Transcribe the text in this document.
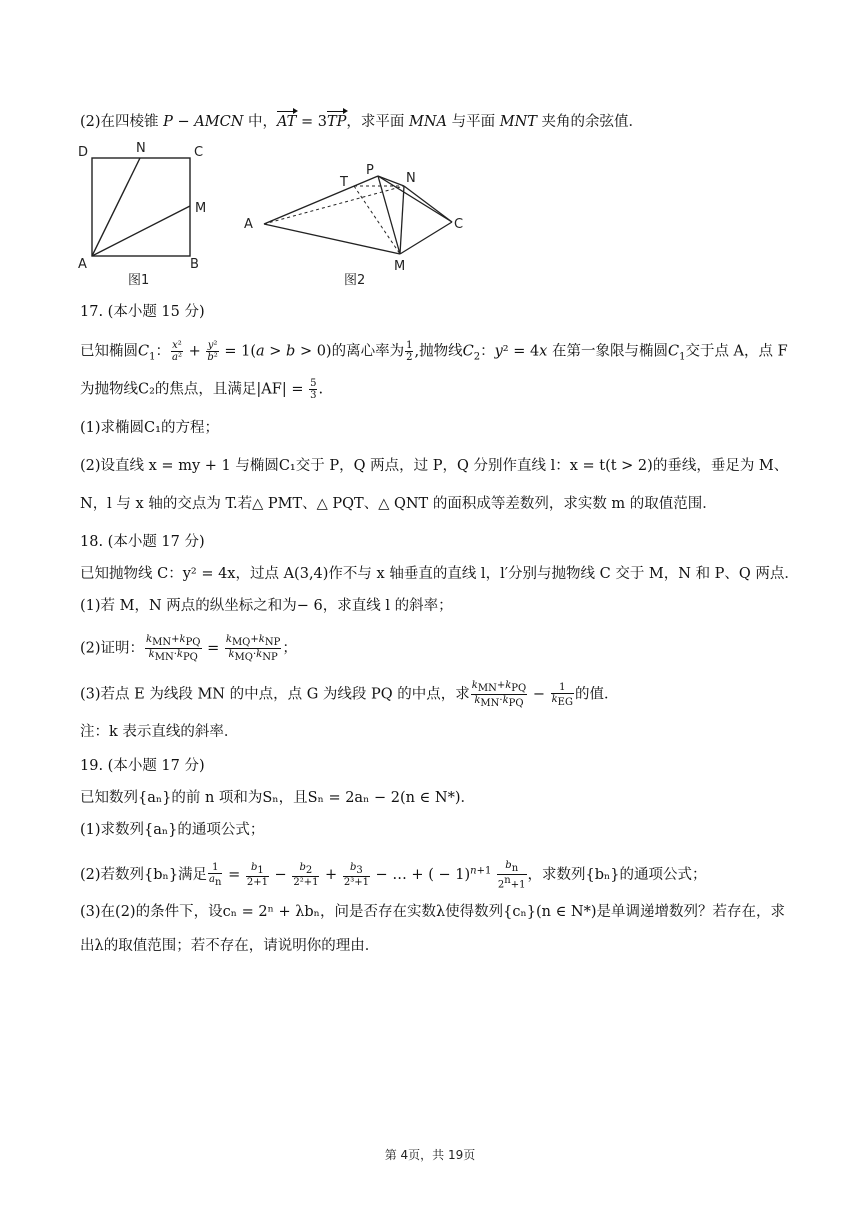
(2)在四棱锥 P − AMCN 中，AT = 3TP，求平面 MNA 与平面 MNT 夹角的余弦值．
D	N	C
M
A	B
图1
T
P
N
A	C
M
图2
17. (本小题 15 分)
已知椭圆$C_1$： $\frac{\text{x²}}{\text{a²}} + \frac{\text{y²}}{\text{b²}} = 1(a > b > 0)$的离心率为 $\frac{1}{2}$ ,抛物线$C_2$：y² = 4x 在第一象限与椭圆$C_1$交于点 A，点 F
为抛物线C₂的焦点，且满足$|AF| = \frac{5}{3}$ .
(1)求椭圆C₁的方程；
(2)设直线 x = my + 1 与椭圆C₁交于 P，Q 两点，过 P，Q 分别作直线 l：x = t(t > 2)的垂线，垂足为 M、
N，l 与 x 轴的交点为 T.若△ PMT、△ PQT、△ QNT 的面积成等差数列，求实数 m 的取值范围．
18. (本小题 17 分)
已知抛物线 C：y² = 4x，过点 A(3,4)作不与 x 轴垂直的直线 l，l′分别与抛物线 C 交于 M，N 和 P、Q 两点．
(1)若 M，N 两点的纵坐标之和为− 6，求直线 l 的斜率；
(2)证明： $\frac{k_{MN}+k_{PQ}}{k_{MN}\cdot k_{PQ}} = \frac{k_{MQ}+k_{NP}}{k_{MQ}\cdot k_{NP}}$ ；
(3)若点 E 为线段 MN 的中点，点 G 为线段 PQ 的中点，求 $\frac{k_{MN}+k_{PQ}}{k_{MN}\cdot k_{PQ}} - \frac{1}{k_{EG}}$ 的值．
注：k 表示直线的斜率．
19. (本小题 17 分)
已知数列{aₙ}的前 n 项和为Sₙ，且Sₙ = 2aₙ − 2(n ∈ N*)．
(1)求数列{aₙ}的通项公式；
(2)若数列{bₙ}满足 $\frac{1}{a_n} = \frac{b_1}{2+1} - \frac{b_2}{\text{2²+1}} + \frac{b_3}{\text{2³+1}}$ − … + ( − $1)^{n+1} \frac{b_n}{2^n+1}$ ，求数列{bₙ}的通项公式；
(3)在(2)的条件下，设cₙ = 2ⁿ + λbₙ，问是否存在实数λ使得数列{cₙ}(n ∈ N*)是单调递增数列？若存在，求
出λ的取值范围；若不存在，请说明你的理由．
第 4页，共 19页
